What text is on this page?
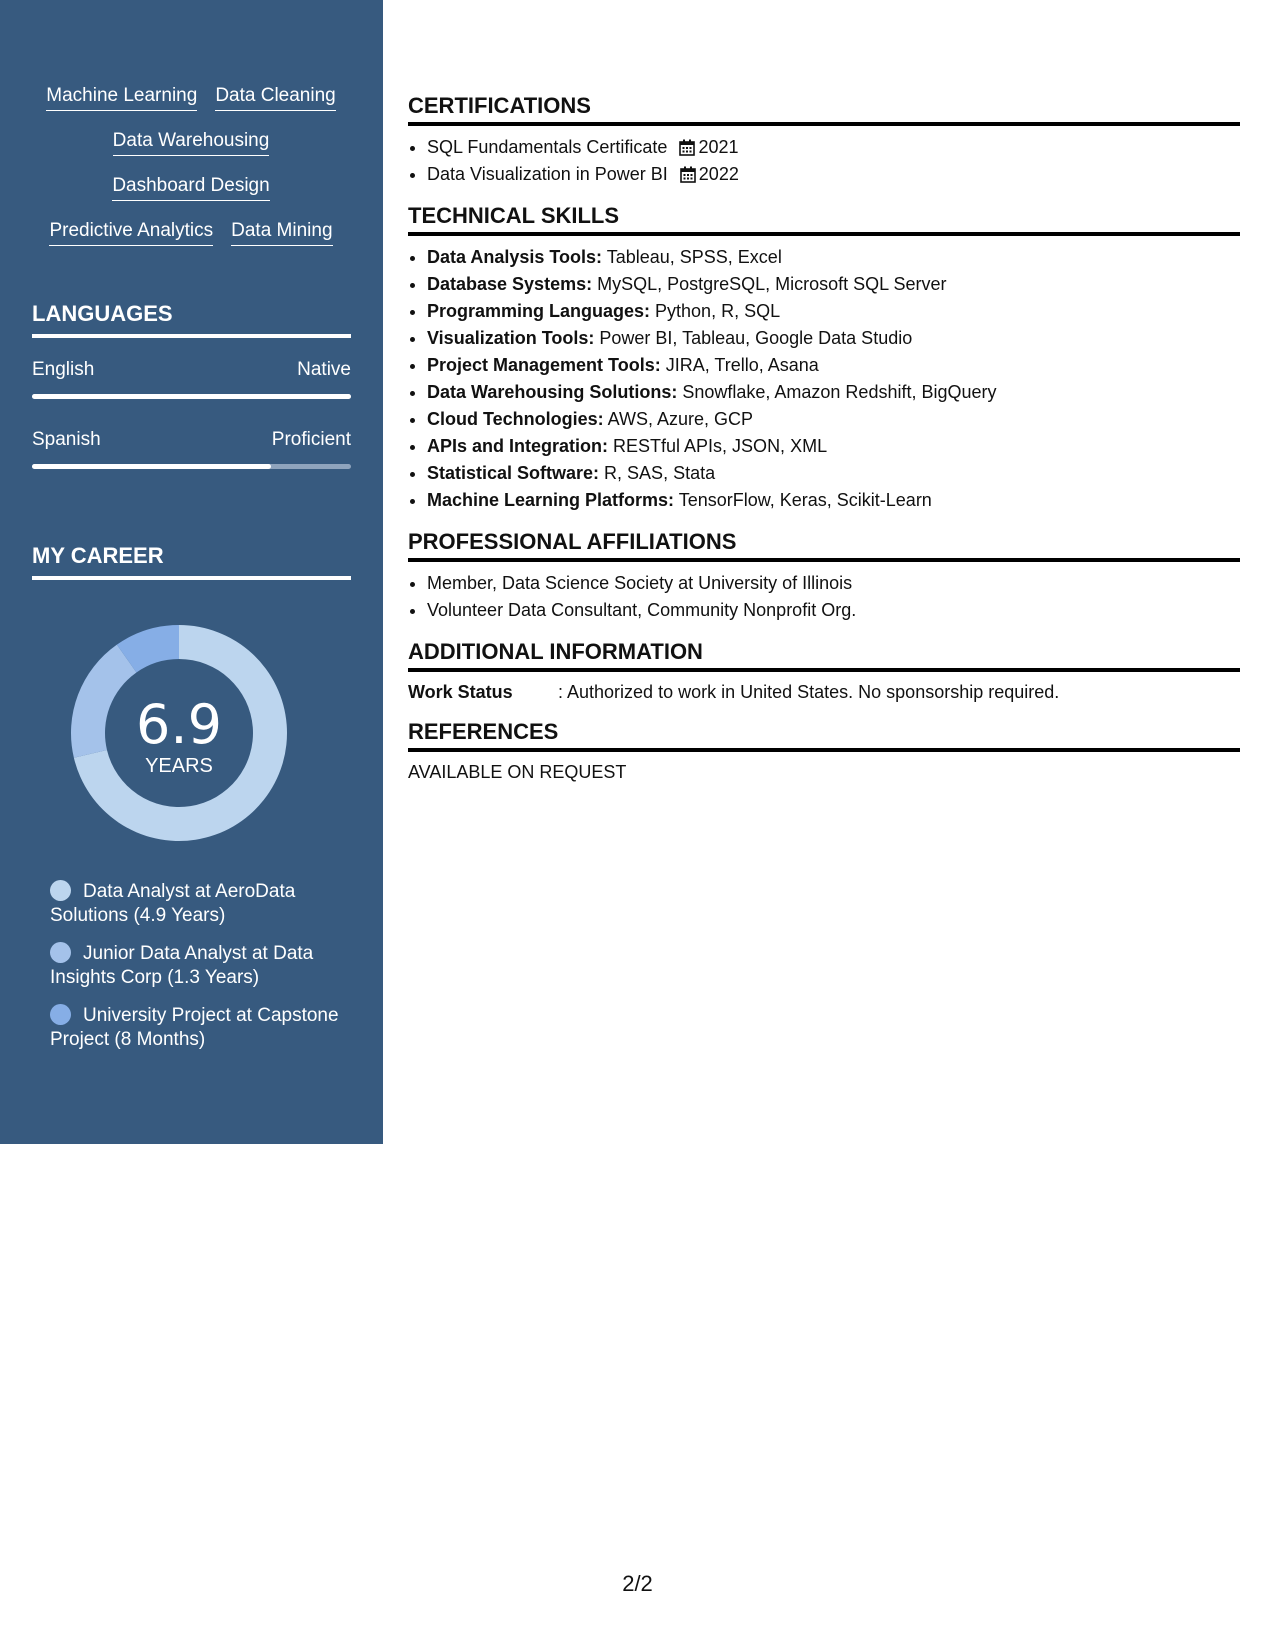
Machine Learning Data Cleaning
Data Warehousing
Dashboard Design
Predictive Analytics Data Mining
LANGUAGES
English	Native
Spanish	Proficient
MY CAREER
6.9
YEARS
Data Analyst at AeroData Solutions (4.9 Years)
Junior Data Analyst at Data Insights Corp (1.3 Years)
University Project at Capstone Project (8 Months)
CERTIFICATIONS
• SQL Fundamentals Certificate 2021
• Data Visualization in Power BI 2022
TECHNICAL SKILLS
• Data Analysis Tools: Tableau, SPSS, Excel
• Database Systems: MySQL, PostgreSQL, Microsoft SQL Server
• Programming Languages: Python, R, SQL
• Visualization Tools: Power BI, Tableau, Google Data Studio
• Project Management Tools: JIRA, Trello, Asana
• Data Warehousing Solutions: Snowflake, Amazon Redshift, BigQuery
• Cloud Technologies: AWS, Azure, GCP
• APIs and Integration: RESTful APIs, JSON, XML
• Statistical Software: R, SAS, Stata
• Machine Learning Platforms: TensorFlow, Keras, Scikit-Learn
PROFESSIONAL AFFILIATIONS
• Member, Data Science Society at University of Illinois
• Volunteer Data Consultant, Community Nonprofit Org.
ADDITIONAL INFORMATION
Work Status	: Authorized to work in United States. No sponsorship required.
REFERENCES
AVAILABLE ON REQUEST
2/2
